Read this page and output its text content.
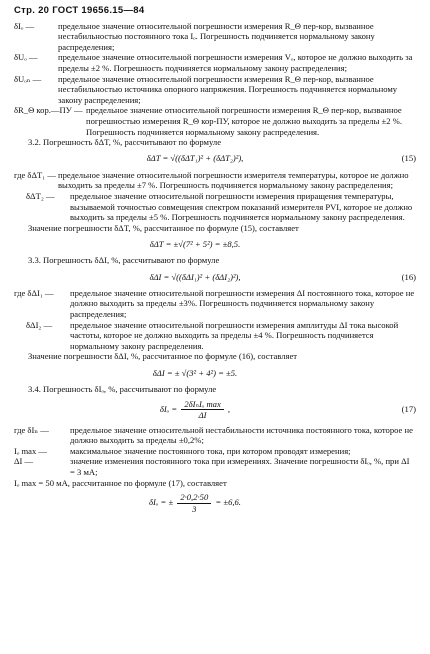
Стр. 20 ГОСТ 19656.15—84
δIₒ —	предельное значение относительной погрешности измерения R_Θ пер-кор, вызванное нестабильностью постоянного тока Iₒ. Погрешность подчиняется нормальному закону распределения;

δUₒ —	предельное значение относительной погрешности измерения Vₒ, которое не должно выходить за пределы ±2 %. Погрешность подчиняется нормальному закону распределения;

δUₒₙ —	предельное значение относительной погрешности измерения R_Θ пер-кор, вызванное нестабильностью источника опорного напряжения. Погрешность подчиняется нормальному закону распределения;

δR_Θ кор.—ПУ — предельное значение относительной погрешности измерения R_Θ пер-кор, вызванное погрешностью измерения R_Θ кор-ПУ, которое не должно выходить за пределы ±2 %. Погрешность подчиняется нормальному закону распределения.

3.2. Погрешность δΔT, %, рассчитывают по формуле

δΔT = √((δΔT₁)² + (δΔT₂)²),	(15)
где δΔT₁ — предельное значение относительной погрешности измерителя температуры, которое не должно выходить за пределы ±7 %. Погрешность подчиняется нормальному закону распределения;

δΔT₂ —	предельное значение относительной погрешности измерения приращения температуры, вызываемой точностью совмещения спектром показаний измерителя PVI, которое не должно выходить за пределы ±5 %. Погрешность подчиняется нормальному закону распределения.

Значение погрешности δΔT, %, рассчитанное по формуле (15), составляет

δΔT = ±√(7² + 5²) = ±8,5.

3.3. Погрешность δΔI, %, рассчитывают по формуле

δΔI = √((δΔI₁)² + (δΔI₂)²),	(16)
где δΔI₁ —	предельное значение относительной погрешности измерения ΔI постоянного тока, которое не должно выходить за пределы ±3%. Погрешность подчиняется нормальному закону распределения;

δΔI₂ —	предельное значение относительной погрешности измерения амплитуды ΔI тока высокой частоты, которое не должно выходить за пределы ±4 %. Погрешность подчиняется нормальному закону распределения.

Значение погрешности δΔI, %, рассчитанное по формуле (16), составляет

δΔI = ± √(3² + 4²) = ±5.

3.4. Погрешность δIₒ, %, рассчитывают по формуле

$\delta I_o = \frac{\text{2δIₙIₒ max}}{\Delta I}$ ,	(17)
где δIₙ —	предельное значение относительной нестабильности источника постоянного тока, которое не должно выходить за пределы ±0,2%;

Iₒ max —	максимальное значение постоянного тока, при котором проводят измерения;

ΔI —	значение изменения постоянного тока при измерениях. Значение погрешности δIₒ, %, при ΔI = 3 мА;

Iₒ max = 50 мА, рассчитанное по формуле (17), составляет

δIₒ = ± $\frac{2\cdot 0,2\cdot 50}{3} = \pm 6,6$.
